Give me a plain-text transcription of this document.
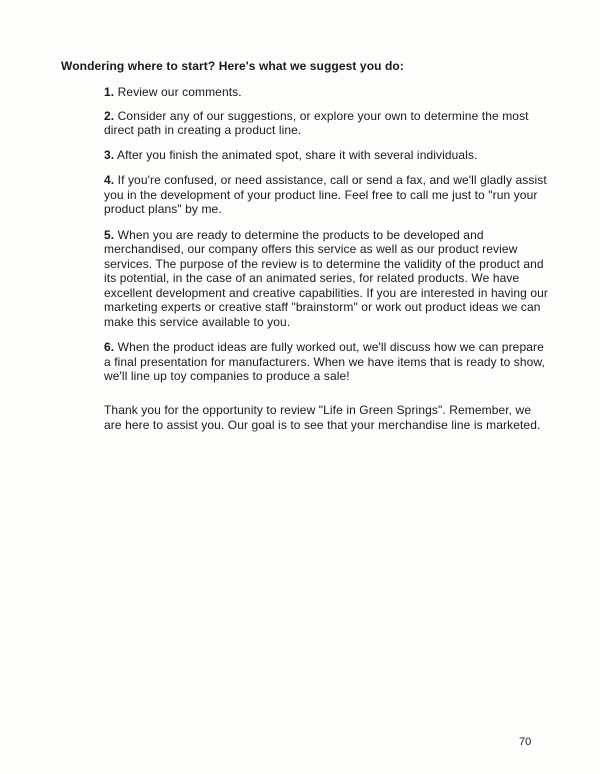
Wondering where to start? Here's what we suggest you do:

1. Review our comments.

2. Consider any of our suggestions, or explore your own to determine the most direct path in creating a product line.

3. After you finish the animated spot, share it with several individuals.

4. If you're confused, or need assistance, call or send a fax, and we'll gladly assist you in the development of your product line. Feel free to call me just to "run your product plans" by me.

5. When you are ready to determine the products to be developed and merchandised, our company offers this service as well as our product review services. The purpose of the review is to determine the validity of the product and its potential, in the case of an animated series, for related products. We have excellent development and creative capabilities. If you are interested in having our marketing experts or creative staff "brainstorm" or work out product ideas we can make this service available to you.

6. When the product ideas are fully worked out, we'll discuss how we can prepare a final presentation for manufacturers. When we have items that is ready to show, we'll line up toy companies to produce a sale!

Thank you for the opportunity to review "Life in Green Springs". Remember, we are here to assist you. Our goal is to see that your merchandise line is marketed.

70
